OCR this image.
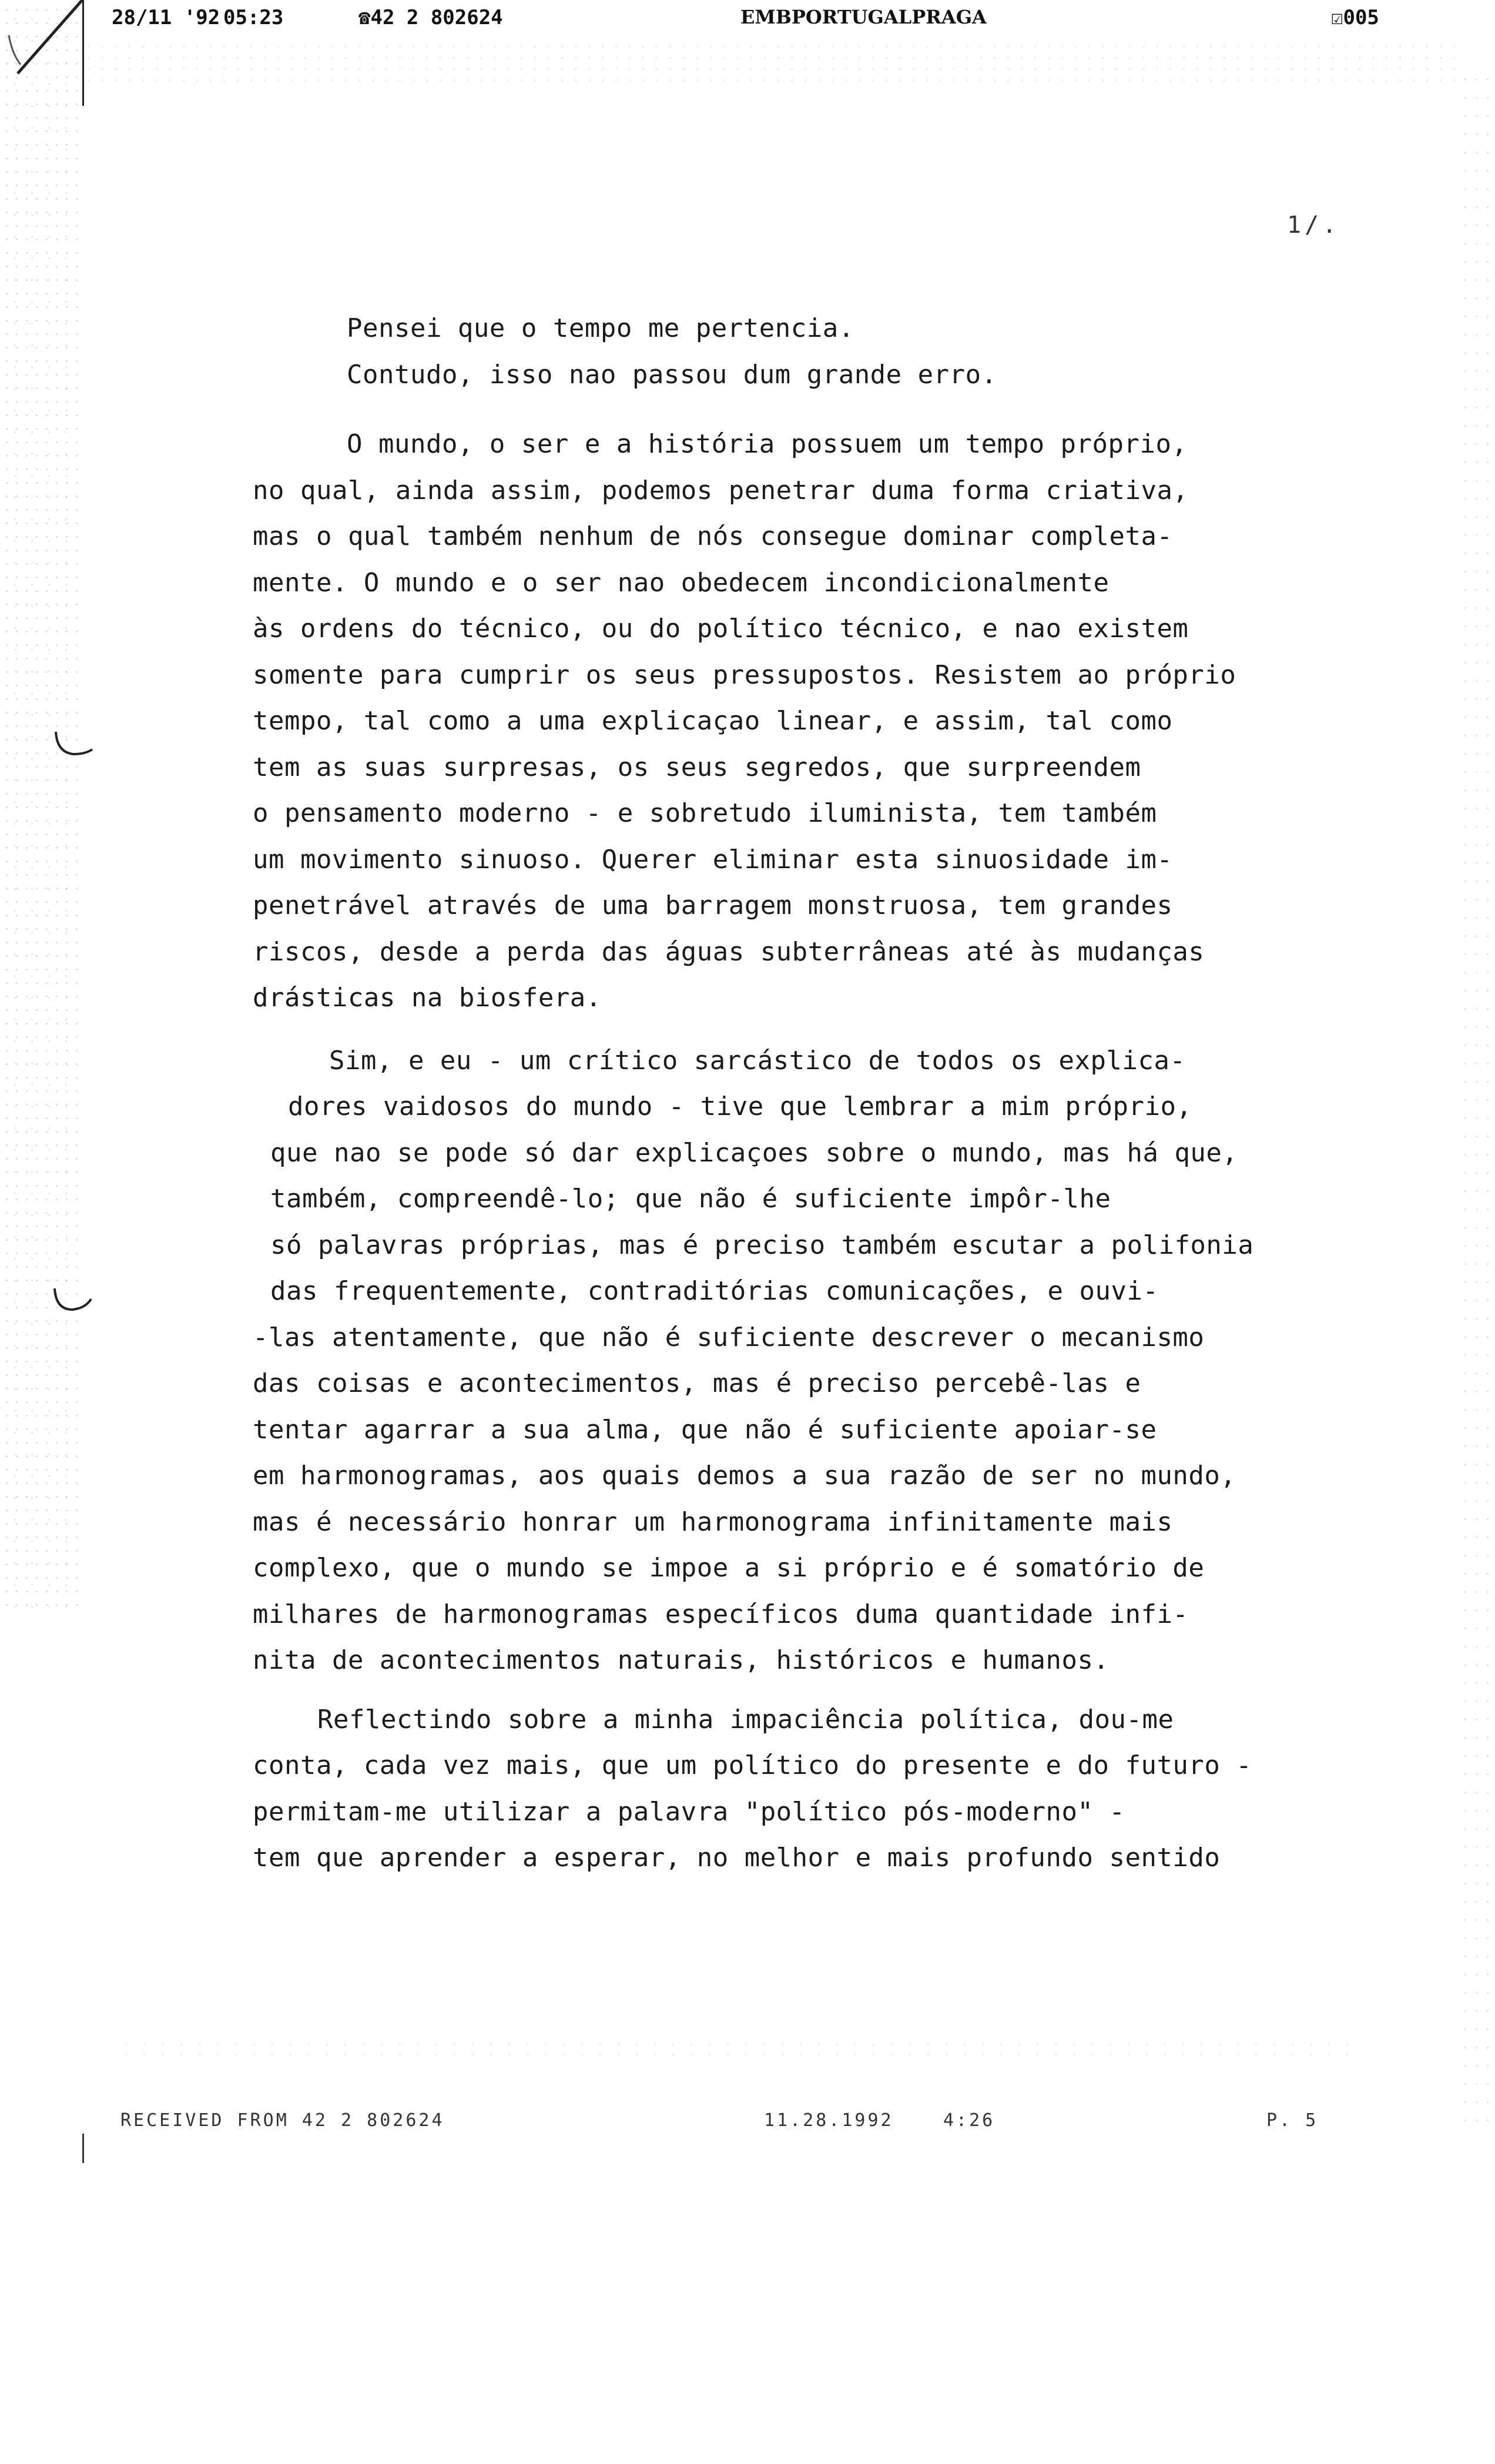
28/11 '92 05:23	☎42 2 802624	EMBPORTUGALPRAGA	☑005
1/.

Pensei que o tempo me pertencia.

Contudo, isso nao passou dum grande erro.

O mundo, o ser e a história possuem um tempo próprio,

no qual, ainda assim, podemos penetrar duma forma criativa,

mas o qual também nenhum de nós consegue dominar completa-

mente. O mundo e o ser nao obedecem incondicionalmente

às ordens do técnico, ou do político técnico, e nao existem

somente para cumprir os seus pressupostos. Resistem ao próprio

tempo, tal como a uma explicaçao linear, e assim, tal como

tem as suas surpresas, os seus segredos, que surpreendem

o pensamento moderno - e sobretudo iluminista, tem também

um movimento sinuoso. Querer eliminar esta sinuosidade im-

penetrável através de uma barragem monstruosa, tem grandes

riscos, desde a perda das águas subterrâneas até às mudanças

drásticas na biosfera.

Sim, e eu - um crítico sarcástico de todos os explica-

dores vaidosos do mundo - tive que lembrar a mim próprio,

que nao se pode só dar explicaçoes sobre o mundo, mas há que,

também, compreendê-lo; que não é suficiente impôr-lhe

só palavras próprias, mas é preciso também escutar a polifonia

das frequentemente, contraditórias comunicações, e ouvi-

-las atentamente, que não é suficiente descrever o mecanismo

das coisas e acontecimentos, mas é preciso percebê-las e

tentar agarrar a sua alma, que não é suficiente apoiar-se

em harmonogramas, aos quais demos a sua razão de ser no mundo,

mas é necessário honrar um harmonograma infinitamente mais

complexo, que o mundo se impoe a si próprio e é somatório de

milhares de harmonogramas específicos duma quantidade infi-

nita de acontecimentos naturais, históricos e humanos.

Reflectindo sobre a minha impaciência política, dou-me

conta, cada vez mais, que um político do presente e do futuro -

permitam-me utilizar a palavra "político pós-moderno" -

tem que aprender a esperar, no melhor e mais profundo sentido

RECEIVED FROM 42 2 802624	11.28.1992	4:26	P. 5
